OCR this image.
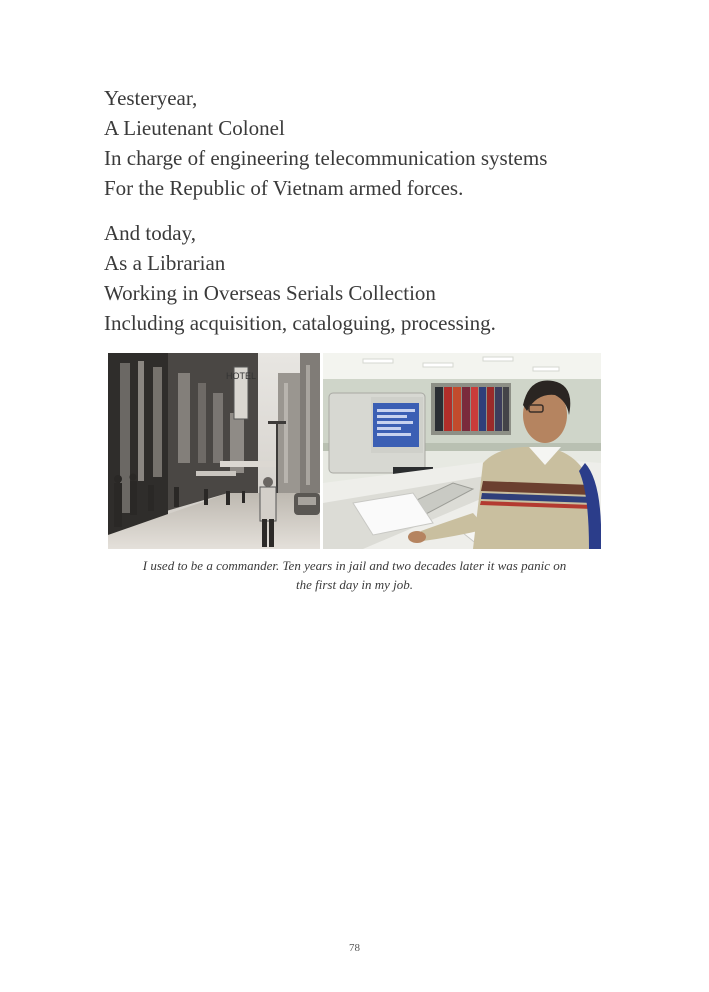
Yesteryear,
A Lieutenant Colonel
In charge of engineering telecommunication systems
For the Republic of Vietnam armed forces.
And today,
As a Librarian
Working in Overseas Serials Collection
Including acquisition, cataloguing, processing.
HOTEL
I used to be a commander. Ten years in jail and two decades later it was panic on
the first day in my job.
78
